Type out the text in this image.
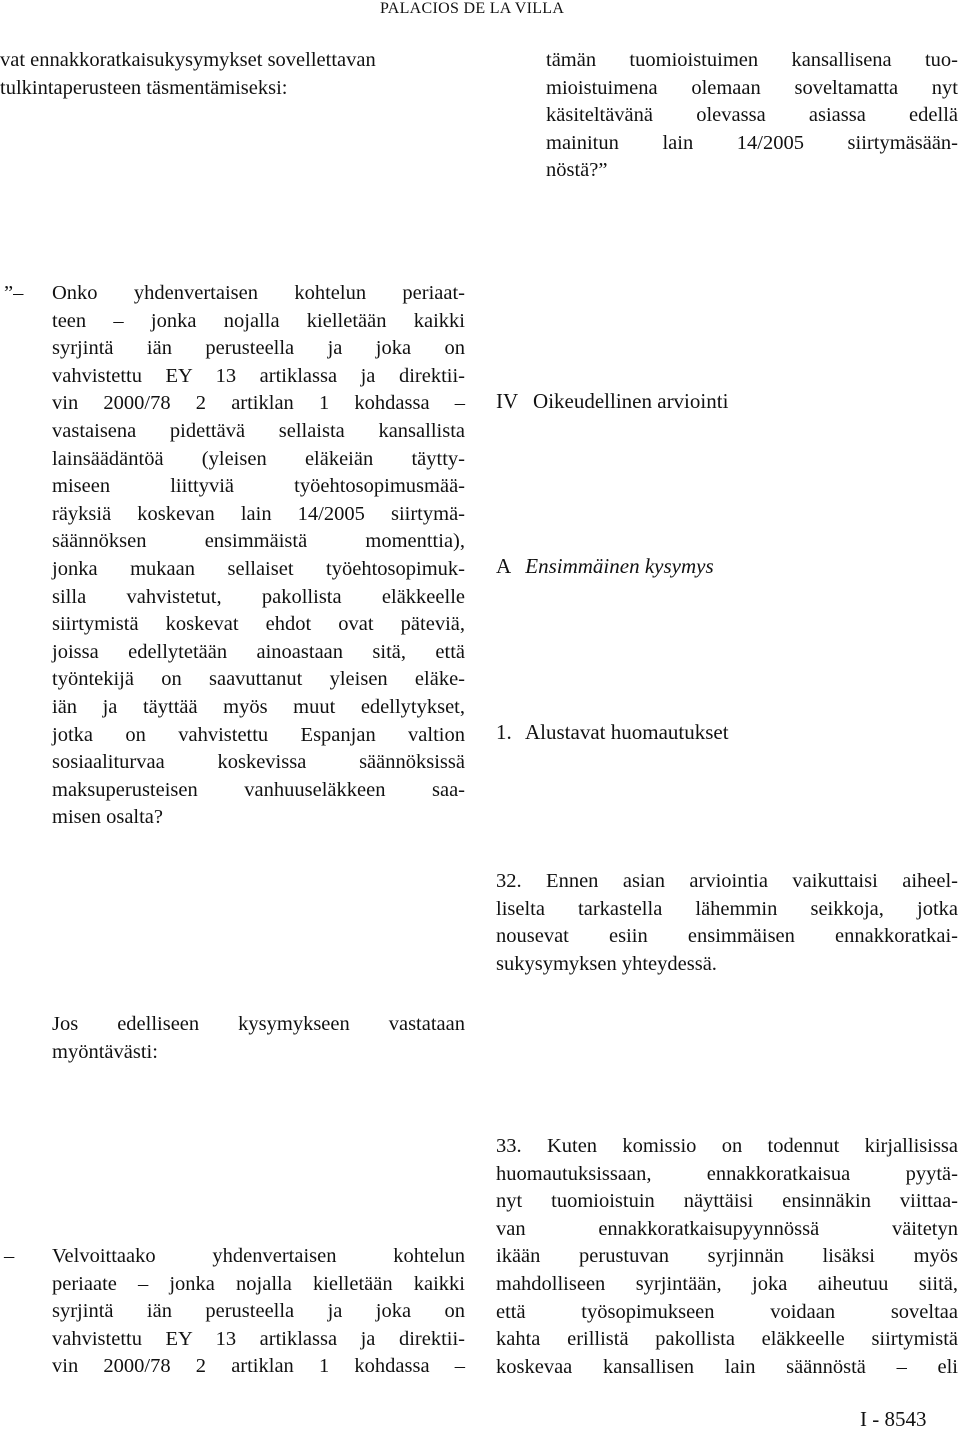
PALACIOS DE LA VILLA
vat ennakkoratkaisukysymykset sovellettavan
tulkintaperusteen täsmentämiseksi:
”– Onko yhdenvertaisen kohtelun periaat-
teen – jonka nojalla kielletään kaikki
syrjintä iän perusteella ja joka on
vahvistettu EY 13 artiklassa ja direktii-
vin 2000/78 2 artiklan 1 kohdassa –
vastaisena pidettävä sellaista kansallista
lainsäädäntöä (yleisen eläkeiän täytty-
miseen liittyviä työehtosopimusmää-
räyksiä koskevan lain 14/2005 siirtymä-
säännöksen ensimmäistä momenttia),
jonka mukaan sellaiset työehtosopimuk-
silla vahvistetut, pakollista eläkkeelle
siirtymistä koskevat ehdot ovat päteviä,
joissa edellytetään ainoastaan sitä, että
työntekijä on saavuttanut yleisen eläke-
iän ja täyttää myös muut edellytykset,
jotka on vahvistettu Espanjan valtion
sosiaaliturvaa koskevissa säännöksissä
maksuperusteisen vanhuuseläkkeen saa-
misen osalta?
Jos edelliseen kysymykseen vastataan
myöntävästi:
– Velvoittaako yhdenvertaisen kohtelun
periaate – jonka nojalla kielletään kaikki
syrjintä iän perusteella ja joka on
vahvistettu EY 13 artiklassa ja direktii-
vin 2000/78 2 artiklan 1 kohdassa –
tämän tuomioistuimen kansallisena tuo-
mioistuimena olemaan soveltamatta nyt
käsiteltävänä olevassa asiassa edellä
mainitun lain 14/2005 siirtymäsään-
nöstä?”
IV Oikeudellinen arviointi
A Ensimmäinen kysymys
1. Alustavat huomautukset
32. Ennen asian arviointia vaikuttaisi aiheel-
liselta tarkastella lähemmin seikkoja, jotka
nousevat esiin ensimmäisen ennakkoratkai-
sukysymyksen yhteydessä.
33. Kuten komissio on todennut kirjallisissa
huomautuksissaan, ennakkoratkaisua pyytä-
nyt tuomioistuin näyttäisi ensinnäkin viittaa-
van ennakkoratkaisupyynnössä väitetyn
ikään perustuvan syrjinnän lisäksi myös
mahdolliseen syrjintään, joka aiheutuu siitä,
että työsopimukseen voidaan soveltaa
kahta erillistä pakollista eläkkeelle siirtymistä
koskevaa kansallisen lain säännöstä – eli
I - 8543
